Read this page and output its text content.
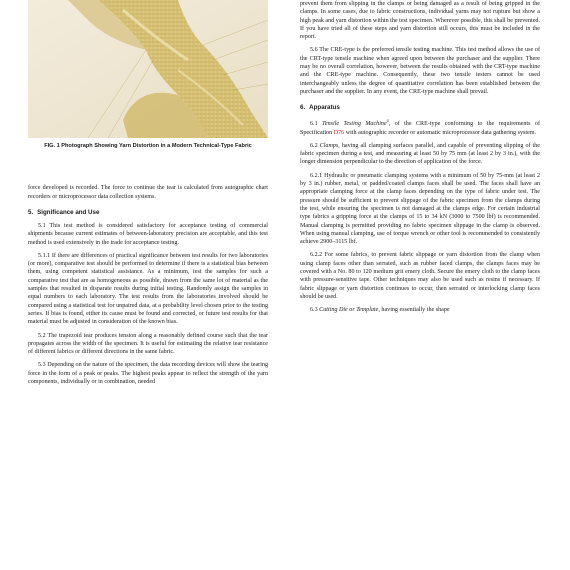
FIG. 1 Photograph Showing Yarn Distortion in a Modern Technical-Type Fabric

force developed is recorded. The force to continue the tear is calculated from autographic chart recorders or microprocessor data collection systems.

5. Significance and Use

5.1 This test method is considered satisfactory for acceptance testing of commercial shipments because current estimates of between-laboratory precision are acceptable, and this test method is used extensively in the trade for acceptance testing.

5.1.1 If there are differences of practical significance between test results for two laboratories (or more), comparative test should be performed to determine if there is a statistical bias between them, using competent statistical assistance. As a minimum, test the samples for such a comparative test that are as homogeneous as possible, drawn from the same lot of material as the samples that resulted in disparate results during initial testing. Randomly assign the samples in equal numbers to each laboratory. The test results from the laboratories involved should be compared using a statistical test for unpaired data, at a probability level chosen prior to the testing series. If bias is found, either its cause must be found and corrected, or future test results for that material must be adjusted in consideration of the known bias.

5.2 The trapezoid tear produces tension along a reasonably defined course such that the tear propagates across the width of the specimen. It is useful for estimating the relative tear resistance of different fabrics or different directions in the same fabric.

5.3 Depending on the nature of the specimen, the data recording devices will show the tearing force in the form of a peak or peaks. The highest peaks appear to reflect the strength of the yarn components, individually or in combination, needed

prevent them from slipping in the clamps or being damaged as a result of being gripped in the clamps. In some cases, due to fabric constructions, individual yarns may not rupture but show a high peak and yarn distortion within the test specimen. Wherever possible, this shall be prevented. If you have tried all of these steps and yarn distortion still occurs, this must be included in the report.

5.6 The CRE-type is the preferred tensile testing machine. This test method allows the use of the CRT-type tensile machine when agreed upon between the purchaser and the supplier. There may be no overall correlation, however, between the results obtained with the CRT-type machine and the CRE-type machine. Consequently, these two tensile testers cannot be used interchangeably unless the degree of quantitative correlation has been established between the purchaser and the supplier. In any event, the CRE-type machine shall prevail.

6. Apparatus

6.1 Tensile Testing Machine$^4$, of the CRE-type conforming to the requirements of Specification D76 with autographic recorder or automatic microprocessor data gathering system.

6.2 Clamps, having all clamping surfaces parallel, and capable of preventing slipping of the fabric specimen during a test, and measuring at least 50 by 75 mm (at least 2 by 3 in.), with the longer dimension perpendicular to the direction of application of the force.

6.2.1 Hydraulic or pneumatic clamping systems with a minimum of 50 by 75-mm (at least 2 by 3 in.) rubber, metal, or padded/coated clamps faces shall be used. The faces shall have an appropriate clamping force at the clamp faces depending on the type of fabric under test. The pressure should be sufficient to prevent slippage of the fabric specimen from the clamps during the test, while ensuring the specimen is not damaged at the clamps edge. For certain industrial type fabrics a gripping force at the clamps of 15 to 34 kN (3000 to 7500 lbf) is recommended. Manual clamping is permitted providing no fabric specimen slippage in the clamp is observed. When using manual clamping, use of torque wrench or other tool is recommended to consistently achieve 2900–3115 lbf.

6.2.2 For some fabrics, to prevent fabric slippage or yarn distortion from the clamp when using clamp faces other than serrated, such as rubber faced clamps, the clamps faces may be covered with a No. 80 to 120 medium grit emery cloth. Secure the emery cloth to the clamp faces with pressure-sensitive tape. Other techniques may also be used such as resins if necessary. If fabric slippage or yarn distortion continues to occur, then serrated or interlocking clamp faces should be used.

6.3 Cutting Die or Template, having essentially the shape
